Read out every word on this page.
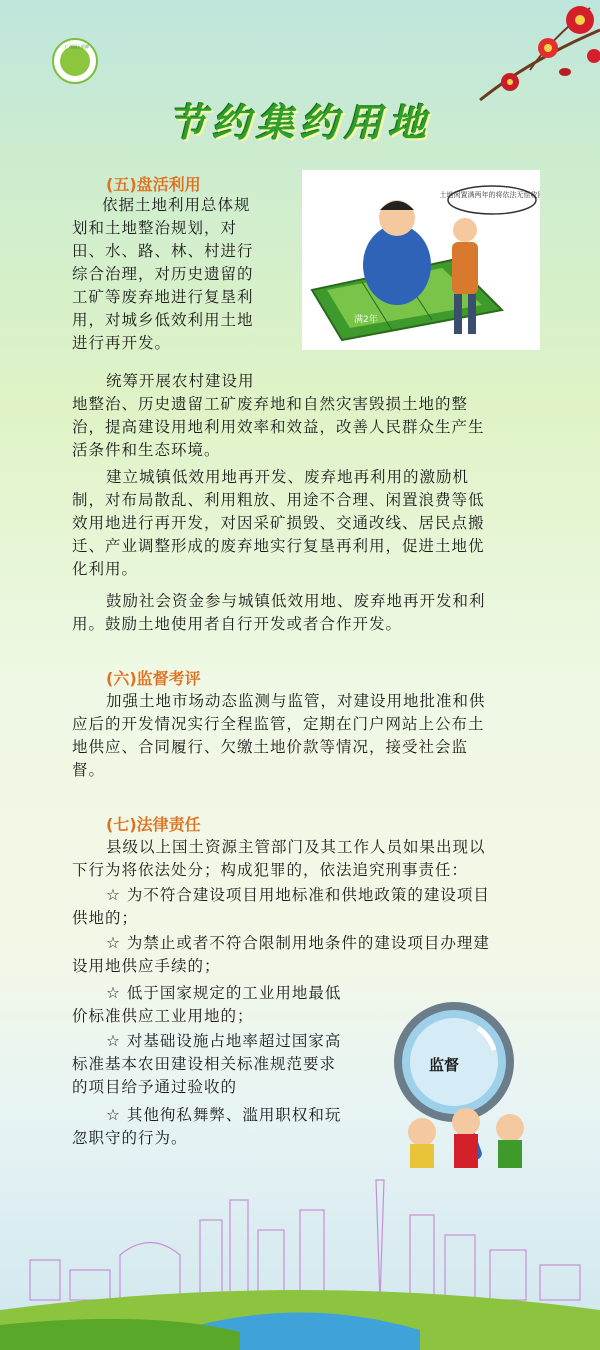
广州国土资源
节约集约用地
(五)盘活利用

依据土地利用总体规

划和土地整治规划，对

田、水、路、林、村进行

综合治理，对历史遗留的

工矿等废弃地进行复垦利

用，对城乡低效利用土地

进行再开发。

土地闲置满两年的将依法无偿收回
满2年

统筹开展农村建设用

地整治、历史遗留工矿废弃地和自然灾害毁损土地的整

治，提高建设用地利用效率和效益，改善人民群众生产生

活条件和生态环境。

建立城镇低效用地再开发、废弃地再利用的激励机

制，对布局散乱、利用粗放、用途不合理、闲置浪费等低

效用地进行再开发，对因采矿损毁、交通改线、居民点搬

迁、产业调整形成的废弃地实行复垦再利用，促进土地优

化利用。

鼓励社会资金参与城镇低效用地、废弃地再开发和利

用。鼓励土地使用者自行开发或者合作开发。

(六)监督考评

加强土地市场动态监测与监管，对建设用地批准和供

应后的开发情况实行全程监管，定期在门户网站上公布土

地供应、合同履行、欠缴土地价款等情况，接受社会监

督。

(七)法律责任

县级以上国土资源主管部门及其工作人员如果出现以

下行为将依法处分；构成犯罪的，依法追究刑事责任：

☆ 为不符合建设项目用地标准和供地政策的建设项目

供地的；

☆ 为禁止或者不符合限制用地条件的建设项目办理建

设用地供应手续的；

☆ 低于国家规定的工业用地最低

价标准供应工业用地的；

☆ 对基础设施占地率超过国家高

标准基本农田建设相关标准规范要求

的项目给予通过验收的

☆ 其他徇私舞弊、滥用职权和玩

忽职守的行为。

监督
